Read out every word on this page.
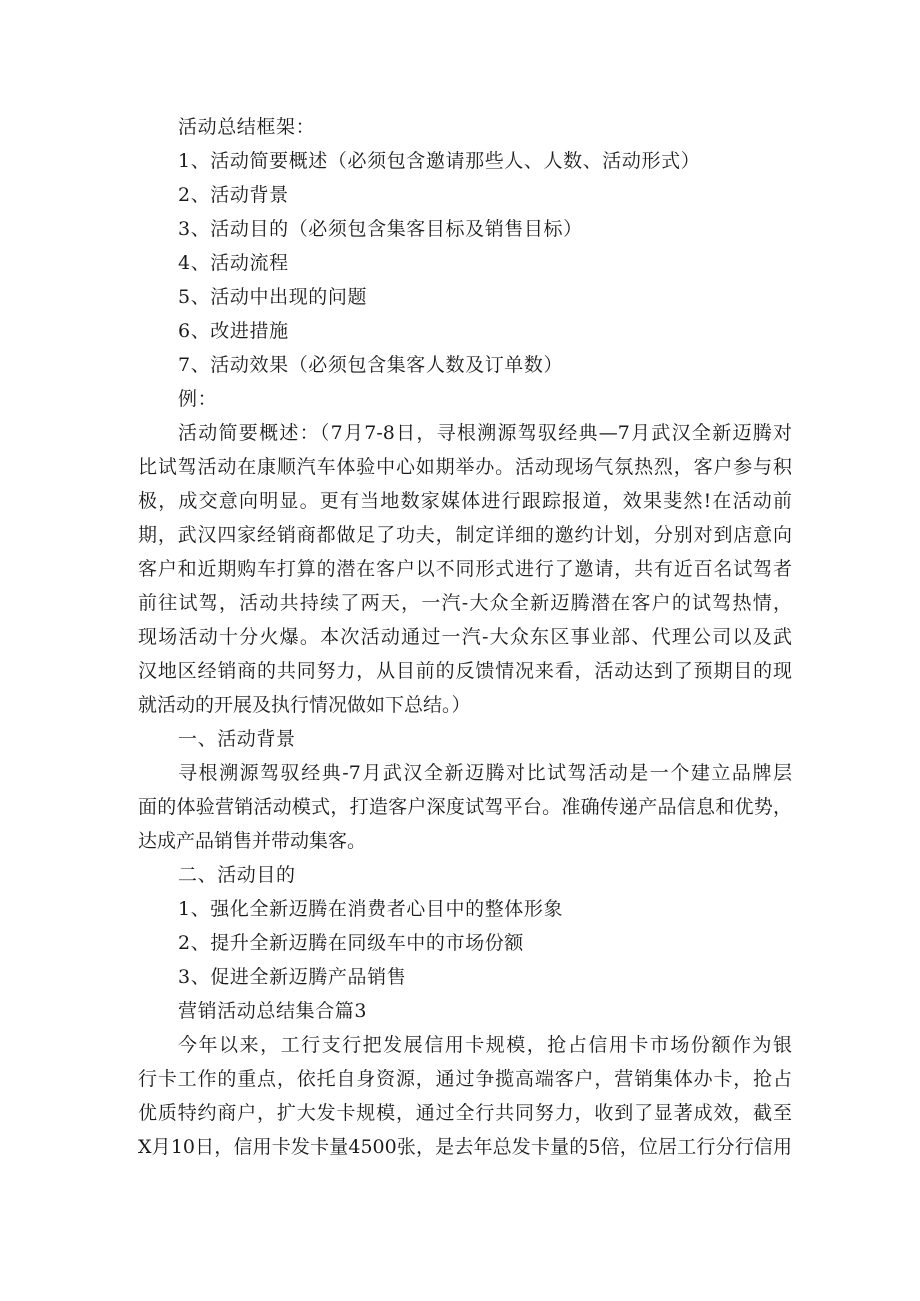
活动总结框架：
1、活动简要概述（必须包含邀请那些人、人数、活动形式）
2、活动背景
3、活动目的（必须包含集客目标及销售目标）
4、活动流程
5、活动中出现的问题
6、改进措施
7、活动效果（必须包含集客人数及订单数）
例：
活动简要概述：（7月7-8日，寻根溯源驾驭经典—7月武汉全新迈腾对
比试驾活动在康顺汽车体验中心如期举办。活动现场气氛热烈，客户参与积
极，成交意向明显。更有当地数家媒体进行跟踪报道，效果斐然!在活动前
期，武汉四家经销商都做足了功夫，制定详细的邀约计划，分别对到店意向
客户和近期购车打算的潜在客户以不同形式进行了邀请，共有近百名试驾者
前往试驾，活动共持续了两天，一汽-大众全新迈腾潜在客户的试驾热情，
现场活动十分火爆。本次活动通过一汽-大众东区事业部、代理公司以及武
汉地区经销商的共同努力，从目前的反馈情况来看，活动达到了预期目的现
就活动的开展及执行情况做如下总结。）
一、活动背景
寻根溯源驾驭经典-7月武汉全新迈腾对比试驾活动是一个建立品牌层
面的体验营销活动模式，打造客户深度试驾平台。准确传递产品信息和优势，
达成产品销售并带动集客。
二、活动目的
1、强化全新迈腾在消费者心目中的整体形象
2、提升全新迈腾在同级车中的市场份额
3、促进全新迈腾产品销售
营销活动总结集合篇3
今年以来，工行支行把发展信用卡规模，抢占信用卡市场份额作为银
行卡工作的重点，依托自身资源，通过争揽高端客户，营销集体办卡，抢占
优质特约商户，扩大发卡规模，通过全行共同努力，收到了显著成效，截至
X月10日，信用卡发卡量4500张，是去年总发卡量的5倍，位居工行分行信用
